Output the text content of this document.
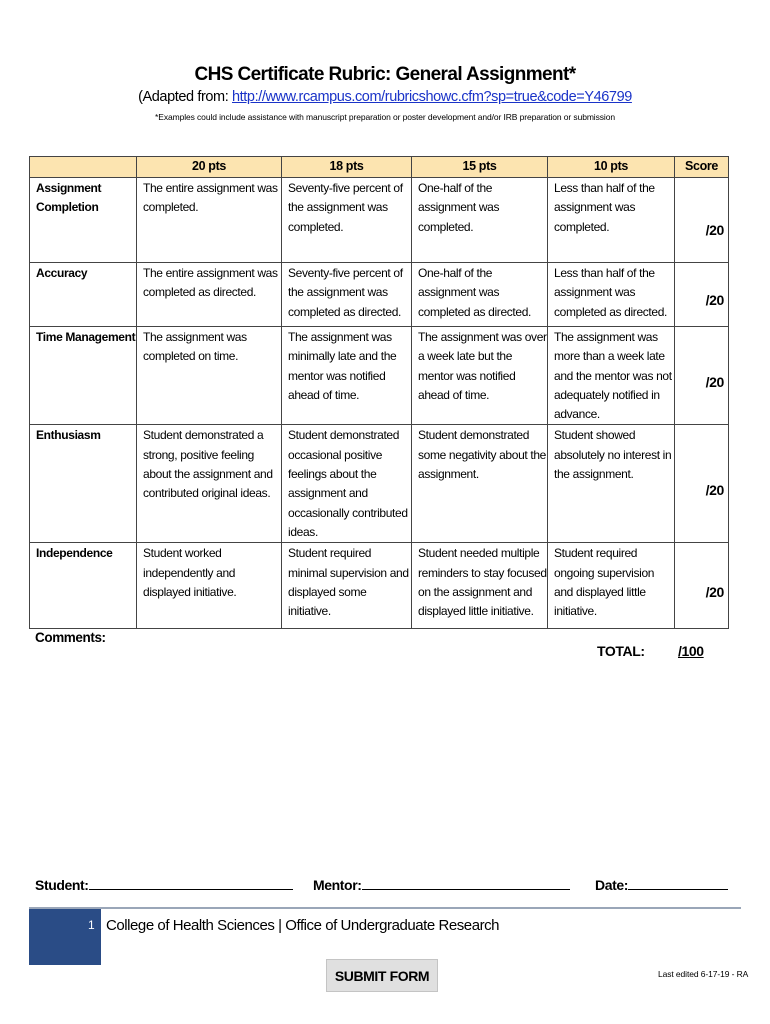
CHS Certificate Rubric: General Assignment*
(Adapted from: http://www.rcampus.com/rubricshowc.cfm?sp=true&code=Y46799
*Examples could include assistance with manuscript preparation or poster development and/or IRB preparation or submission
	20 pts	18 pts	15 pts	10 pts	Score
Assignment Completion	The entire assignment was completed.	Seventy-five percent of the assignment was completed.	One-half of the assignment was completed.	Less than half of the assignment was completed.	/20
Accuracy	The entire assignment was completed as directed.	Seventy-five percent of the assignment was completed as directed.	One-half of the assignment was completed as directed.	Less than half of the assignment was completed as directed.	/20
Time Management	The assignment was completed on time.	The assignment was minimally late and the mentor was notified ahead of time.	The assignment was over a week late but the mentor was notified ahead of time.	The assignment was more than a week late and the mentor was not adequately notified in advance.	/20
Enthusiasm	Student demonstrated a strong, positive feeling about the assignment and contributed original ideas.	Student demonstrated occasional positive feelings about the assignment and occasionally contributed ideas.	Student demonstrated some negativity about the assignment.	Student showed absolutely no interest in the assignment.	/20
Independence	Student worked independently and displayed initiative.	Student required minimal supervision and displayed some initiative.	Student needed multiple reminders to stay focused on the assignment and displayed little initiative.	Student required ongoing supervision and displayed little initiative.	/20
Comments:
TOTAL: /100
Student:	Mentor:	Date:
1 College of Health Sciences | Office of Undergraduate Research
SUBMIT FORM	Last edited 6-17-19 - RA
